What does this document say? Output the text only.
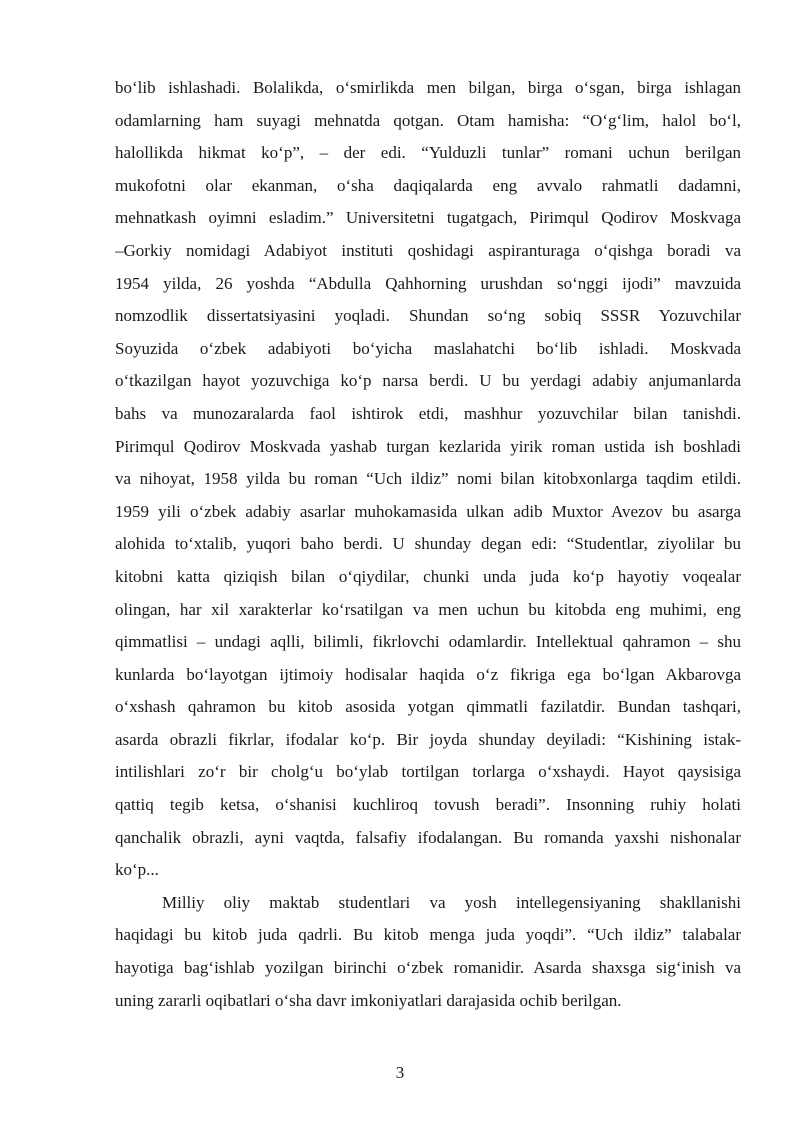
bo‘lib ishlashadi. Bolalikda, o‘smirlikda men bilgan, birga o‘sgan, birga ishlagan
odamlarning ham suyagi mehnatda qotgan. Otam hamisha: “O‘g‘lim, halol bo‘l,
halollikda hikmat ko‘p”, – der edi. “Yulduzli tunlar” romani uchun berilgan
mukofotni olar ekanman, o‘sha daqiqalarda eng avvalo rahmatli dadamni,
mehnatkash oyimni esladim.” Universitetni tugatgach, Pirimqul Qodirov Moskvaga
–Gorkiy nomidagi Adabiyot instituti qoshidagi aspiranturaga o‘qishga boradi va
1954 yilda, 26 yoshda “Abdulla Qahhorning urushdan so‘nggi ijodi” mavzuida
nomzodlik dissertatsiyasini yoqladi. Shundan so‘ng sobiq SSSR Yozuvchilar
Soyuzida o‘zbek adabiyoti bo‘yicha maslahatchi bo‘lib ishladi. Moskvada
o‘tkazilgan hayot yozuvchiga ko‘p narsa berdi. U bu yerdagi adabiy anjumanlarda
bahs va munozaralarda faol ishtirok etdi, mashhur yozuvchilar bilan tanishdi.
Pirimqul Qodirov Moskvada yashab turgan kezlarida yirik roman ustida ish boshladi
va nihoyat, 1958 yilda bu roman “Uch ildiz” nomi bilan kitobxonlarga taqdim etildi.
1959 yili o‘zbek adabiy asarlar muhokamasida ulkan adib Muxtor Avezov bu asarga
alohida to‘xtalib, yuqori baho berdi. U shunday degan edi: “Studentlar, ziyolilar bu
kitobni katta qiziqish bilan o‘qiydilar, chunki unda juda ko‘p hayotiy voqealar
olingan, har xil xarakterlar ko‘rsatilgan va men uchun bu kitobda eng muhimi, eng
qimmatlisi – undagi aqlli, bilimli, fikrlovchi odamlardir. Intellektual qahramon – shu
kunlarda bo‘layotgan ijtimoiy hodisalar haqida o‘z fikriga ega bo‘lgan Akbarovga
o‘xshash qahramon bu kitob asosida yotgan qimmatli fazilatdir. Bundan tashqari,
asarda obrazli fikrlar, ifodalar ko‘p. Bir joyda shunday deyiladi: “Kishining istak-
intilishlari zo‘r bir cholg‘u bo‘ylab tortilgan torlarga o‘xshaydi. Hayot qaysisiga
qattiq tegib ketsa, o‘shanisi kuchliroq tovush beradi”. Insonning ruhiy holati
qanchalik obrazli, ayni vaqtda, falsafiy ifodalangan. Bu romanda yaxshi nishonalar
ko‘p...
Milliy oliy maktab studentlari va yosh intellegensiyaning shakllanishi
haqidagi bu kitob juda qadrli. Bu kitob menga juda yoqdi”. “Uch ildiz” talabalar
hayotiga bag‘ishlab yozilgan birinchi o‘zbek romanidir. Asarda shaxsga sig‘inish va
uning zararli oqibatlari o‘sha davr imkoniyatlari darajasida ochib berilgan.
3
